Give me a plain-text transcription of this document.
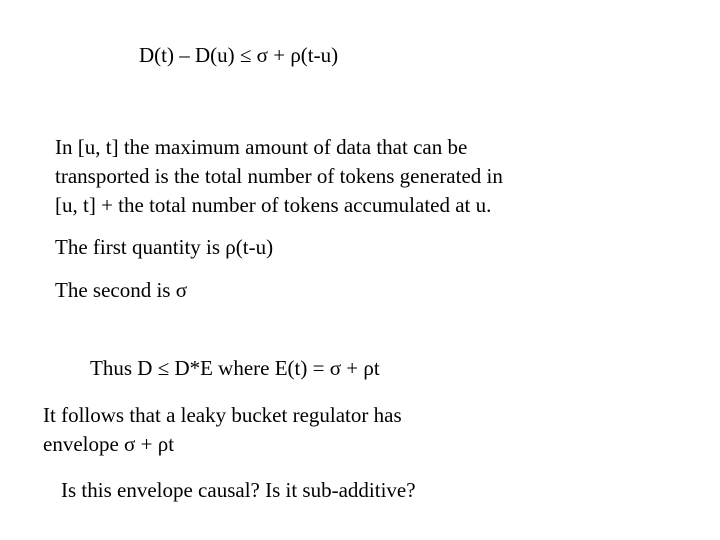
D(t) – D(u) ≤ σ + ρ(t-u)
In [u, t] the maximum amount of data that can be
transported is the total number of tokens generated in
[u, t] + the total number of tokens accumulated at u.
The first quantity is ρ(t-u)
The second is σ
Thus D ≤ D*E where E(t) = σ + ρt
It follows that a leaky bucket regulator has
envelope σ + ρt
Is this envelope causal? Is it sub-additive?
